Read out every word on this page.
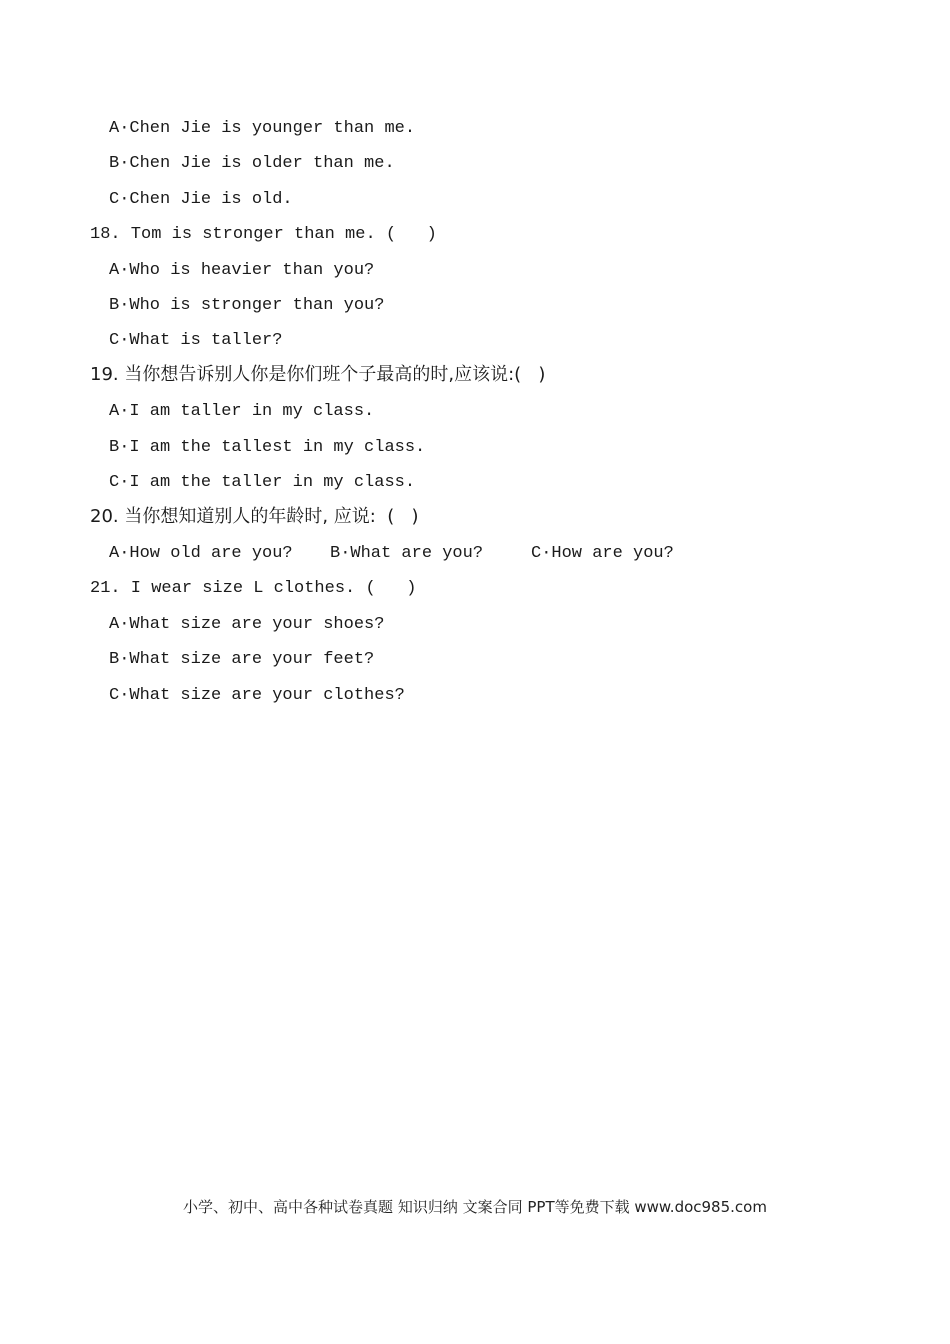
A·Chen Jie is younger than me.
B·Chen Jie is older than me.
C·Chen Jie is old.
18. Tom is stronger than me. (   )
A·Who is heavier than you?
B·Who is stronger than you?
C·What is taller?
19. 当你想告诉别人你是你们班个子最高的时,应该说:(   )
A·I am taller in my class.
B·I am the tallest in my class.
C·I am the taller in my class.
20. 当你想知道别人的年龄时, 应说:  (   )
A·How old are you? B·What are you?	C·How are you?
21. I wear size L clothes. (   )
A·What size are your shoes?
B·What size are your feet?
C·What size are your clothes?
小学、初中、高中各种试卷真题 知识归纳 文案合同 PPT等免费下载 www.doc985.com
